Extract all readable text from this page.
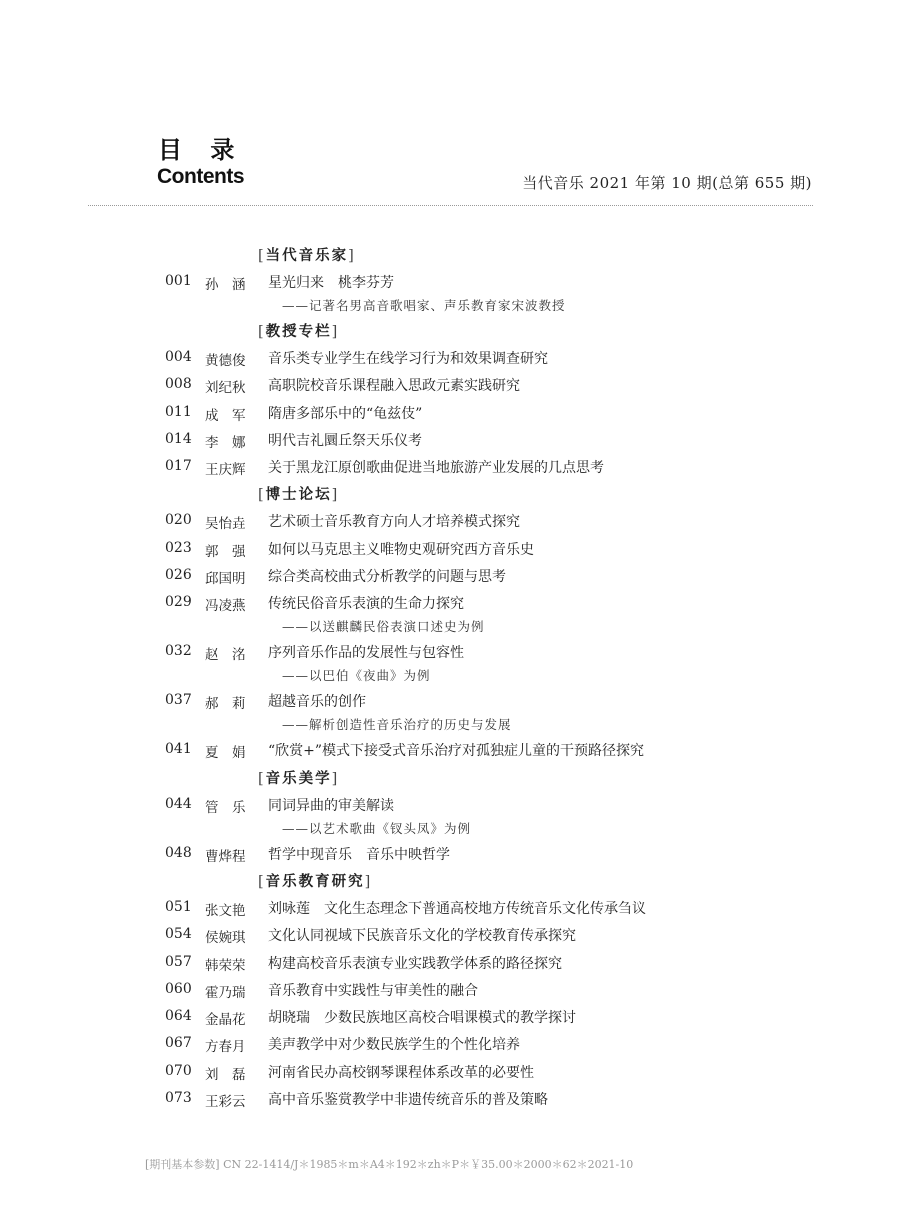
目 录
Contents	当代音乐 2021 年第 10 期(总第 655 期)
[当代音乐家]
001 孙　涵 星光归来　桃李芬芳
——记著名男高音歌唱家、声乐教育家宋波教授
[教授专栏]
004 黄德俊 音乐类专业学生在线学习行为和效果调查研究
008 刘纪秋 高职院校音乐课程融入思政元素实践研究
011 成　军 隋唐多部乐中的“龟兹伎”
014 李　娜 明代吉礼圜丘祭天乐仪考
017 王庆辉 关于黑龙江原创歌曲促进当地旅游产业发展的几点思考
[博士论坛]
020 吴怡垚 艺术硕士音乐教育方向人才培养模式探究
023 郭　强 如何以马克思主义唯物史观研究西方音乐史
026 邱国明 综合类高校曲式分析教学的问题与思考
029 冯凌燕 传统民俗音乐表演的生命力探究
——以送麒麟民俗表演口述史为例
032 赵　洺 序列音乐作品的发展性与包容性
——以巴伯《夜曲》为例
037 郝　莉 超越音乐的创作
——解析创造性音乐治疗的历史与发展
041 夏　娟 “欣赏+”模式下接受式音乐治疗对孤独症儿童的干预路径探究
[音乐美学]
044 管　乐 同词异曲的审美解读
——以艺术歌曲《钗头凤》为例
048 曹烨程 哲学中现音乐　音乐中映哲学
[音乐教育研究]
051 张文艳 刘咏莲　文化生态理念下普通高校地方传统音乐文化传承刍议
054 侯婉琪 文化认同视域下民族音乐文化的学校教育传承探究
057 韩荣荣 构建高校音乐表演专业实践教学体系的路径探究
060 霍乃瑞 音乐教育中实践性与审美性的融合
064 金晶花 胡晓瑞　少数民族地区高校合唱课模式的教学探讨
067 方春月 美声教学中对少数民族学生的个性化培养
070 刘　磊 河南省民办高校钢琴课程体系改革的必要性
073 王彩云 高中音乐鉴赏教学中非遗传统音乐的普及策略
[期刊基本参数] CN 22-1414/J＊1985＊m＊A4＊192＊zh＊P＊￥35.00＊2000＊62＊2021-10
